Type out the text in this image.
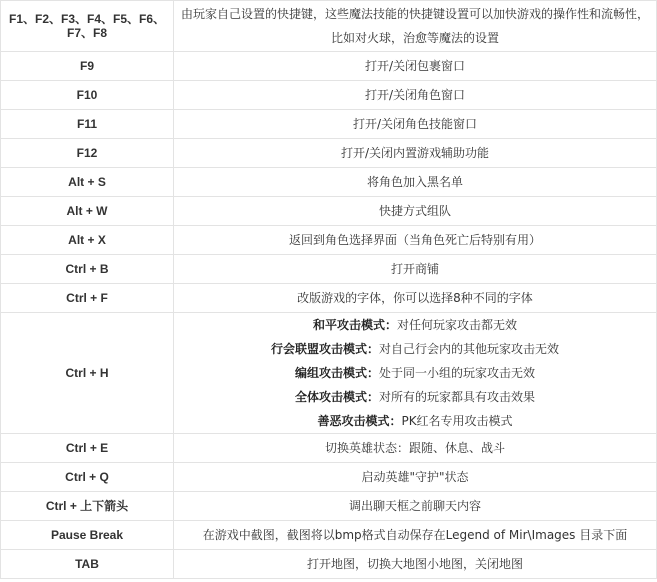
F1、F2、F3、F4、F5、F6、F7、F8	由玩家自己设置的快捷键，这些魔法技能的快捷键设置可以加快游戏的操作性和流畅性，比如对火球，治愈等魔法的设置
F9	打开/关闭包裹窗口
F10	打开/关闭角色窗口
F11	打开/关闭角色技能窗口
F12	打开/关闭内置游戏辅助功能
Alt + S	将角色加入黑名单
Alt + W	快捷方式组队
Alt + X	返回到角色选择界面（当角色死亡后特别有用）
Ctrl + B	打开商铺
Ctrl + F	改版游戏的字体，你可以选择8种不同的字体
Ctrl + H	和平攻击模式：对任何玩家攻击都无效
行会联盟攻击模式：对自己行会内的其他玩家攻击无效
编组攻击模式：处于同一小组的玩家攻击无效
全体攻击模式：对所有的玩家都具有攻击效果
善恶攻击模式：PK红名专用攻击模式

Ctrl + E	切换英雄状态：跟随、休息、战斗
Ctrl + Q	启动英雄"守护"状态
Ctrl + 上下箭头	调出聊天框之前聊天内容
Pause Break	在游戏中截图，截图将以bmp格式自动保存在Legend of Mir\Images 目录下面
TAB	打开地图，切换大地图小地图，关闭地图
